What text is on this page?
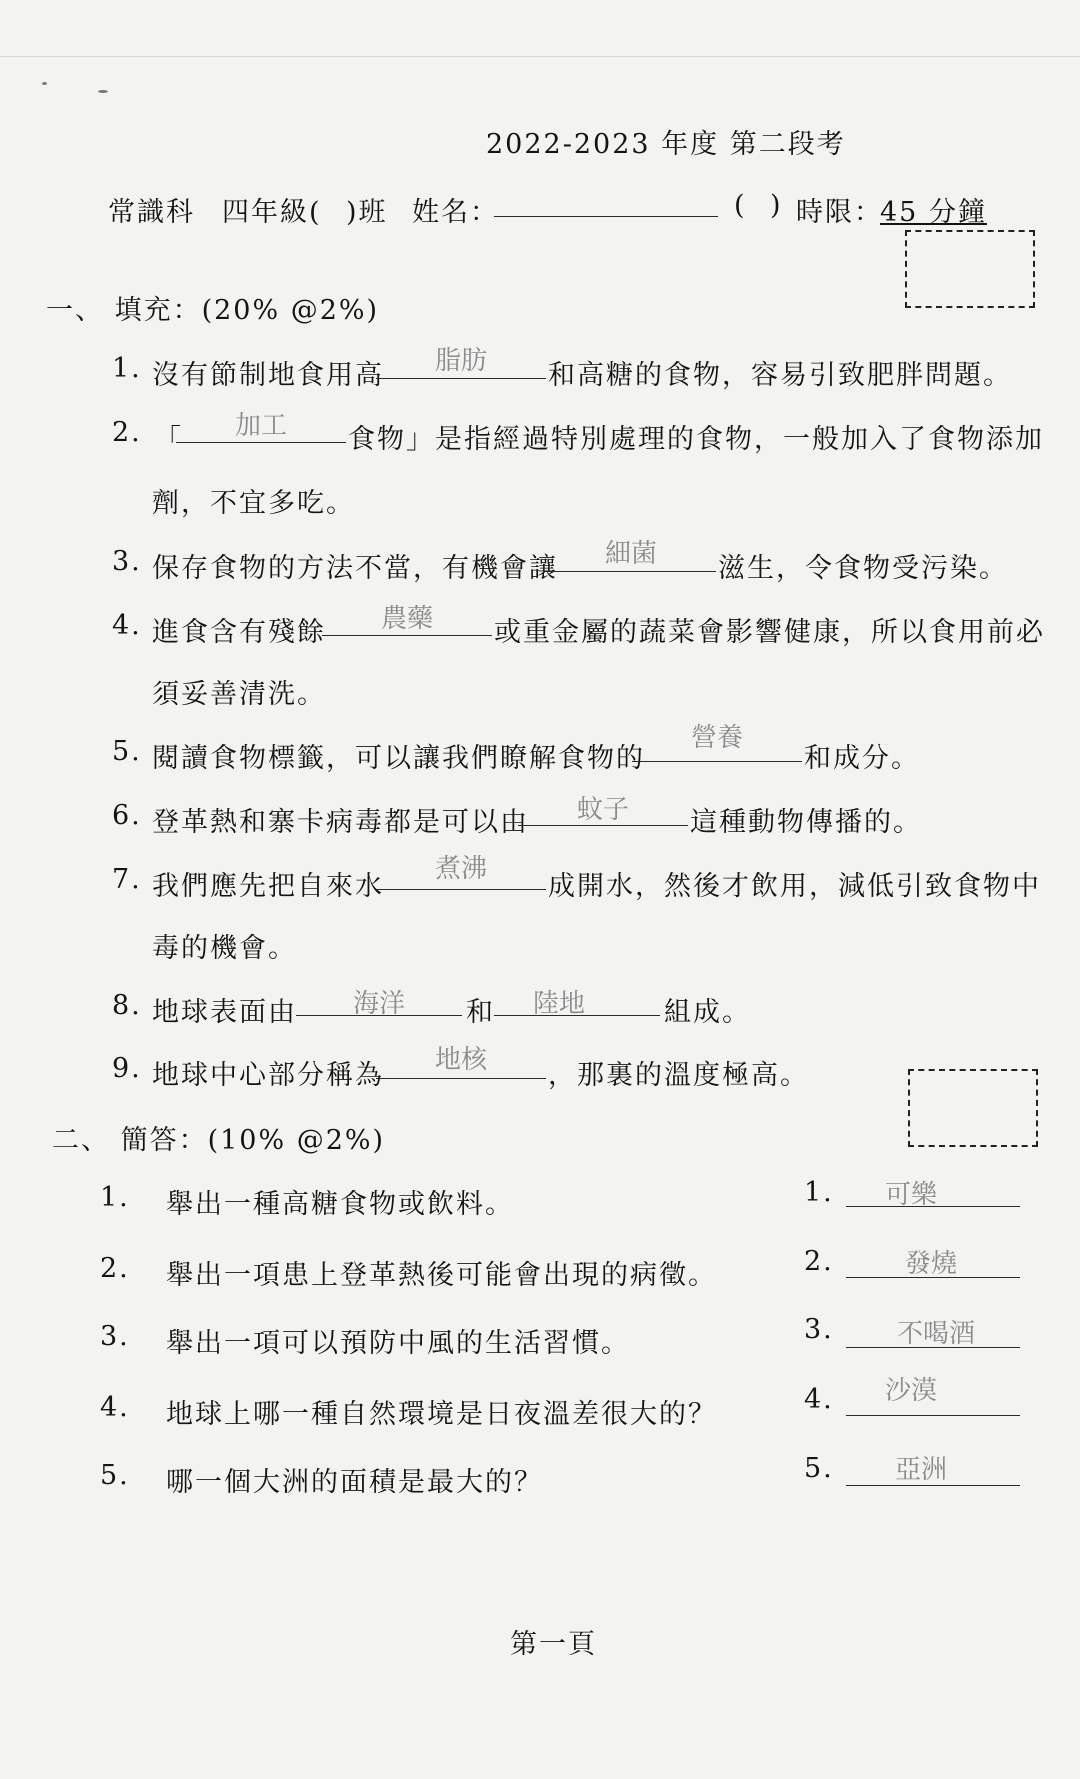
2022-2023 年度 第二段考
常識科 四年級( )班 姓名：	( ) 時限：
45 分鐘
一、 填充：(20% @2%)
1. 沒有節制地食用高	脂肪	和高糖的食物，容易引致肥胖問題。
2. 「	加工	食物」是指經過特別處理的食物，一般加入了食物添加
劑，不宜多吃。
3. 保存食物的方法不當，有機會讓	細菌	滋生，令食物受污染。
4. 進食含有殘餘	農藥	或重金屬的蔬菜會影響健康，所以食用前必
須妥善清洗。
5. 閱讀食物標籤，可以讓我們瞭解食物的
營養
和成分。
6. 登革熱和寨卡病毒都是可以由	蚊子	這種動物傳播的。
7. 我們應先把自來水
煮沸
成開水，然後才飲用，減低引致食物中
毒的機會。
8. 地球表面由	海洋	和	陸地	組成。
9. 地球中心部分稱為	地核	，那裏的溫度極高。
二、 簡答：(10% @2%)
1. 舉出一種高糖食物或飲料。	1.	可樂
2. 舉出一項患上登革熱後可能會出現的病徵。	2.	發燒
3. 舉出一項可以預防中風的生活習慣。	3.	不喝酒
4. 地球上哪一種自然環境是日夜溫差很大的？	4.	沙漠
5. 哪一個大洲的面積是最大的？	5.	亞洲
第一頁
